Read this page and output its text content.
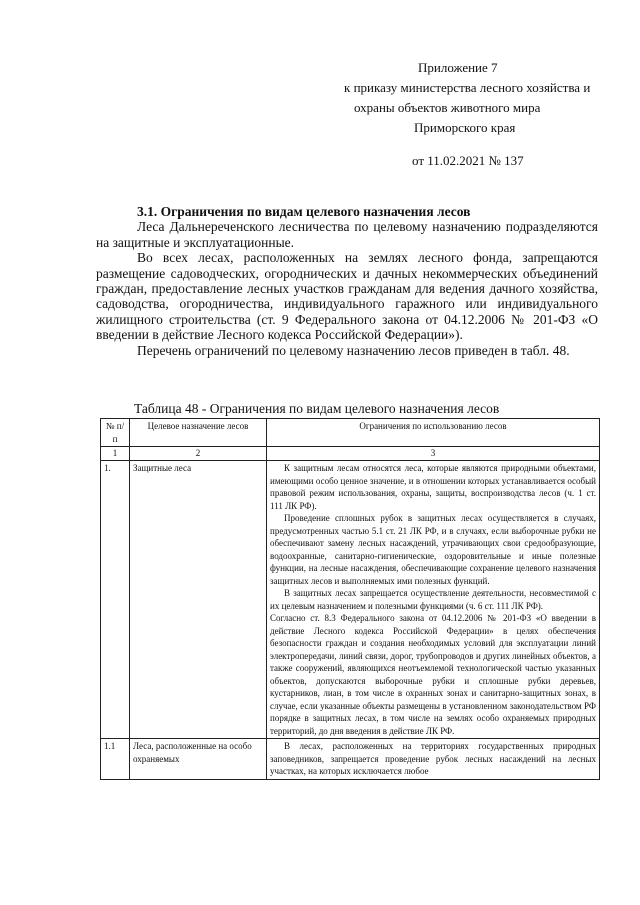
Приложение 7
к приказу министерства лесного хозяйства и
охраны объектов животного мира
Приморского края
от 11.02.2021 № 137

3.1. Ограничения по видам целевого назначения лесов

Леса Дальнереченского лесничества по целевому назначению подразделяются на защитные и эксплуатационные.

Во всех лесах, расположенных на землях лесного фонда, запрещаются размещение садоводческих, огороднических и дачных некоммерческих объединений граждан, предоставление лесных участков гражданам для ведения дачного хозяйства, садоводства, огородничества, индивидуального гаражного или индивидуального жилищного строительства (ст. 9 Федерального закона от 04.12.2006 № 201-ФЗ «О введении в действие Лесного кодекса Российской Федерации»).

Перечень ограничений по целевому назначению лесов приведен в табл. 48.

Таблица 48 - Ограничения по видам целевого назначения лесов
№ п/п	Целевое назначение лесов	Ограничения по использованию лесов
1	2	3
1.	Защитные леса	К защитным лесам относятся леса, которые являются природными объектами, имеющими особо ценное значение, и в отношении которых устанавливается особый правовой режим использования, охраны, защиты, воспроизводства лесов (ч. 1 ст. 111 ЛК РФ).

Проведение сплошных рубок в защитных лесах осуществляется в случаях, предусмотренных частью 5.1 ст. 21 ЛК РФ, и в случаях, если выборочные рубки не обеспечивают замену лесных насаждений, утрачивающих свои средообразующие, водоохранные, санитарно-гигиенические, оздоровительные и иные полезные функции, на лесные насаждения, обеспечивающие сохранение целевого назначения защитных лесов и выполняемых ими полезных функций.

В защитных лесах запрещается осуществление деятельности, несовместимой с их целевым назначением и полезными функциями (ч. 6 ст. 111 ЛК РФ).

Согласно ст. 8.3 Федерального закона от 04.12.2006 № 201-ФЗ «О введении в действие Лесного кодекса Российской Федерации» в целях обеспечения безопасности граждан и создания необходимых условий для эксплуатации линий электропередачи, линий связи, дорог, трубопроводов и других линейных объектов, а также сооружений, являющихся неотъемлемой технологической частью указанных объектов, допускаются выборочные рубки и сплошные рубки деревьев, кустарников, лиан, в том числе в охранных зонах и санитарно-защитных зонах, в случае, если указанные объекты размещены в установленном законодательством РФ порядке в защитных лесах, в том числе на землях особо охраняемых природных территорий, до дня введения в действие ЛК РФ.

1.1	Леса, расположенные на особо охраняемых	В лесах, расположенных на территориях государственных природных заповедников, запрещается проведение рубок лесных насаждений на лесных участках, на которых исключается любое
